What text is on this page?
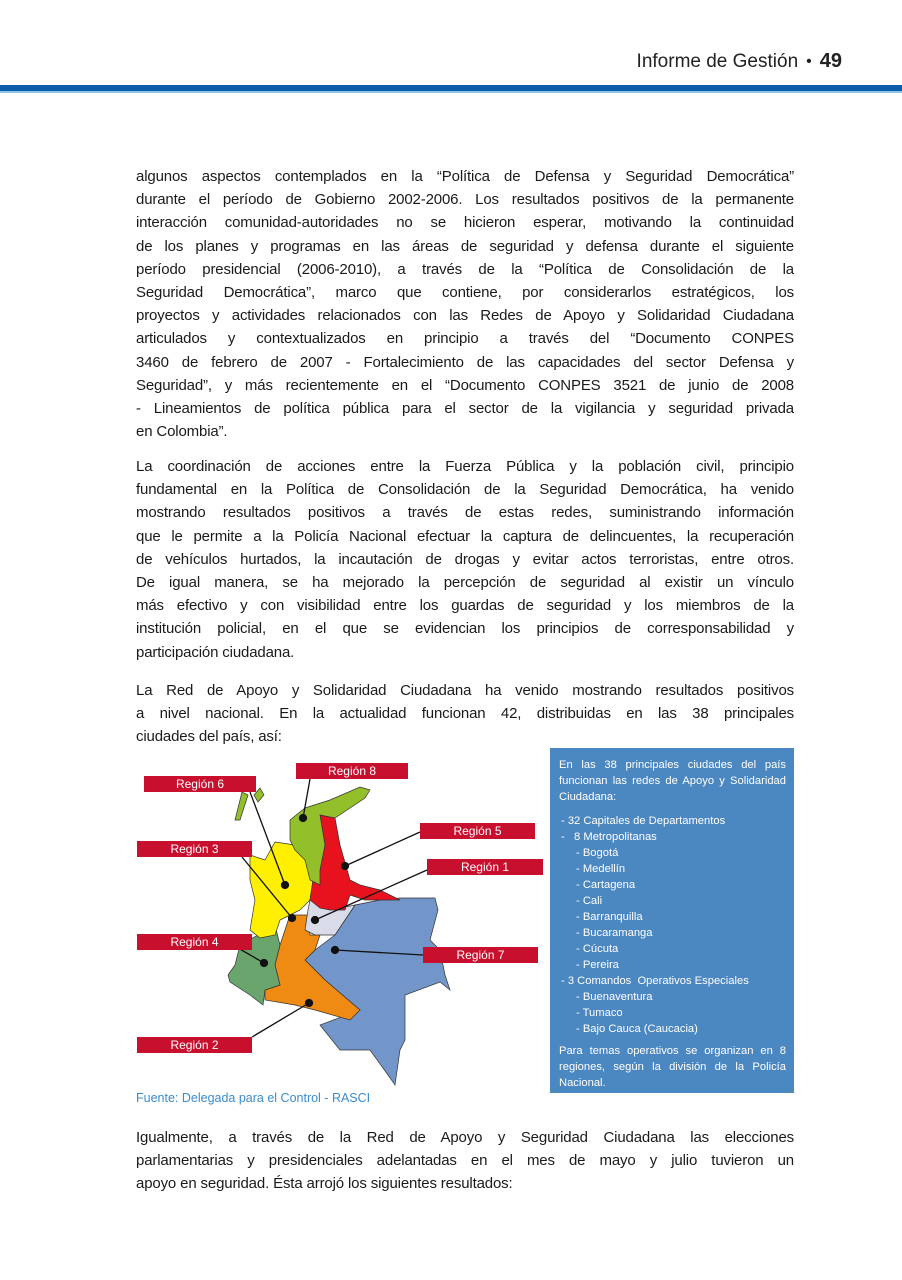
Informe de Gestión • 49
algunos aspectos contemplados en la “Política de Defensa y Seguridad Democrática”
durante el período de Gobierno 2002-2006. Los resultados positivos de la permanente
interacción comunidad-autoridades no se hicieron esperar, motivando la continuidad
de los planes y programas en las áreas de seguridad y defensa durante el siguiente
período presidencial (2006-2010), a través de la “Política de Consolidación de la
Seguridad Democrática”, marco que contiene, por considerarlos estratégicos, los
proyectos y actividades relacionados con las Redes de Apoyo y Solidaridad Ciudadana
articulados y contextualizados en principio a través del “Documento CONPES
3460 de febrero de 2007 - Fortalecimiento de las capacidades del sector Defensa y
Seguridad”, y más recientemente en el “Documento CONPES 3521 de junio de 2008
- Lineamientos de política pública para el sector de la vigilancia y seguridad privada
en Colombia”.
La coordinación de acciones entre la Fuerza Pública y la población civil, principio
fundamental en la Política de Consolidación de la Seguridad Democrática, ha venido
mostrando resultados positivos a través de estas redes, suministrando información
que le permite a la Policía Nacional efectuar la captura de delincuentes, la recuperación
de vehículos hurtados, la incautación de drogas y evitar actos terroristas, entre otros.
De igual manera, se ha mejorado la percepción de seguridad al existir un vínculo
más efectivo y con visibilidad entre los guardas de seguridad y los miembros de la
institución policial, en el que se evidencian los principios de corresponsabilidad y
participación ciudadana.
La Red de Apoyo y Solidaridad Ciudadana ha venido mostrando resultados positivos
a nivel nacional. En la actualidad funcionan 42, distribuidas en las 38 principales
ciudades del país, así:
Igualmente, a través de la Red de Apoyo y Seguridad Ciudadana las elecciones
parlamentarias y presidenciales adelantadas en el mes de mayo y julio tuvieron un
apoyo en seguridad. Ésta arrojó los siguientes resultados:
Región 6
Región 8
Región 5
Región 3
Región 1
Región 4
Región 7
Región 2
Fuente: Delegada para el Control - RASCI
En las 38 principales ciudades del país funcionan las redes de Apoyo y Solidaridad Ciudadana:
- 32 Capitales de Departamentos
-   8 Metropolitanas
- Bogotá
- Medellín
- Cartagena
- Cali
- Barranquilla
- Bucaramanga
- Cúcuta
- Pereira
- 3 Comandos  Operativos Especiales
- Buenaventura
- Tumaco
- Bajo Cauca (Caucacia)
Para temas operativos se organizan en 8 regiones, según la división de la Policía Nacional.
